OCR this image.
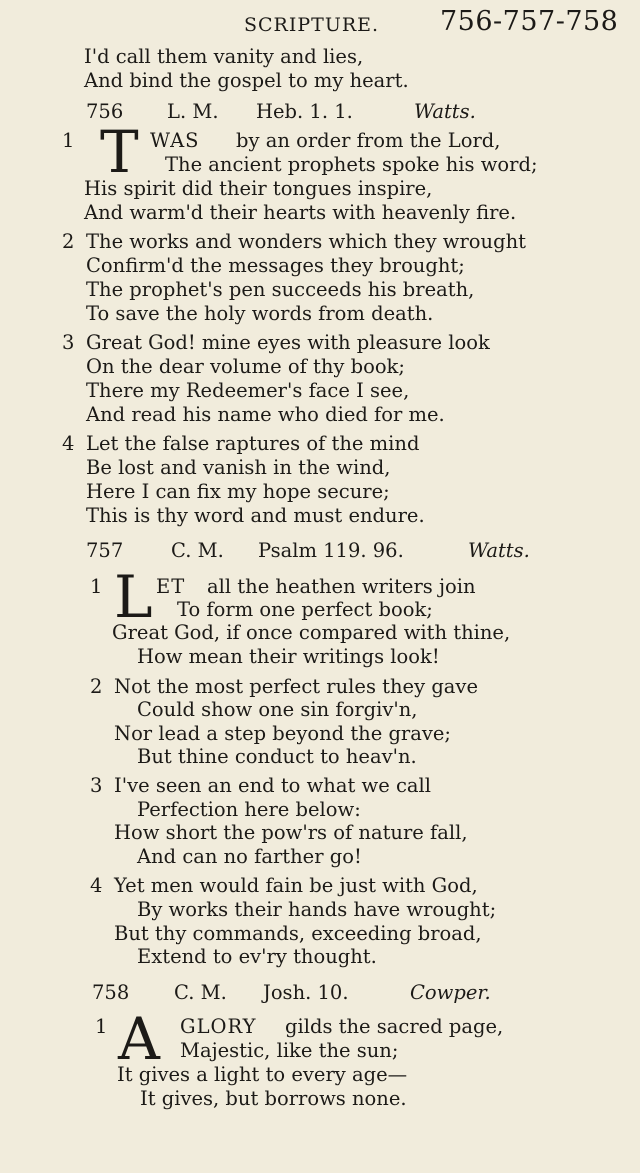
SCRIPTURE. 756-757-758
I'd call them vanity and lies,
And bind the gospel to my heart.
756 L. M. Heb. 1. 1.	Watts.
1 T WAS by an order from the Lord,
The ancient prophets spoke his word;
His spirit did their tongues inspire,
And warm'd their hearts with heavenly fire.
2 The works and wonders which they wrought
Confirm'd the messages they brought;
The prophet's pen succeeds his breath,
To save the holy words from death.
3 Great God! mine eyes with pleasure look
On the dear volume of thy book;
There my Redeemer's face I see,
And read his name who died for me.
4 Let the false raptures of the mind
Be lost and vanish in the wind,
Here I can fix my hope secure;
This is thy word and must endure.
757 C. M. Psalm 119. 96.	Watts.
1 L ET all the heathen writers join
To form one perfect book;
Great God, if once compared with thine,
How mean their writings look!
2 Not the most perfect rules they gave
Could show one sin forgiv'n,
Nor lead a step beyond the grave;
But thine conduct to heav'n.
3 I've seen an end to what we call
Perfection here below:
How short the pow'rs of nature fall,
And can no farther go!
4 Yet men would fain be just with God,
By works their hands have wrought;
But thy commands, exceeding broad,
Extend to ev'ry thought.
758 C. M. Josh. 10.	Cowper.
1 A GLORY gilds the sacred page,
Majestic, like the sun;
It gives a light to every age—
It gives, but borrows none.
